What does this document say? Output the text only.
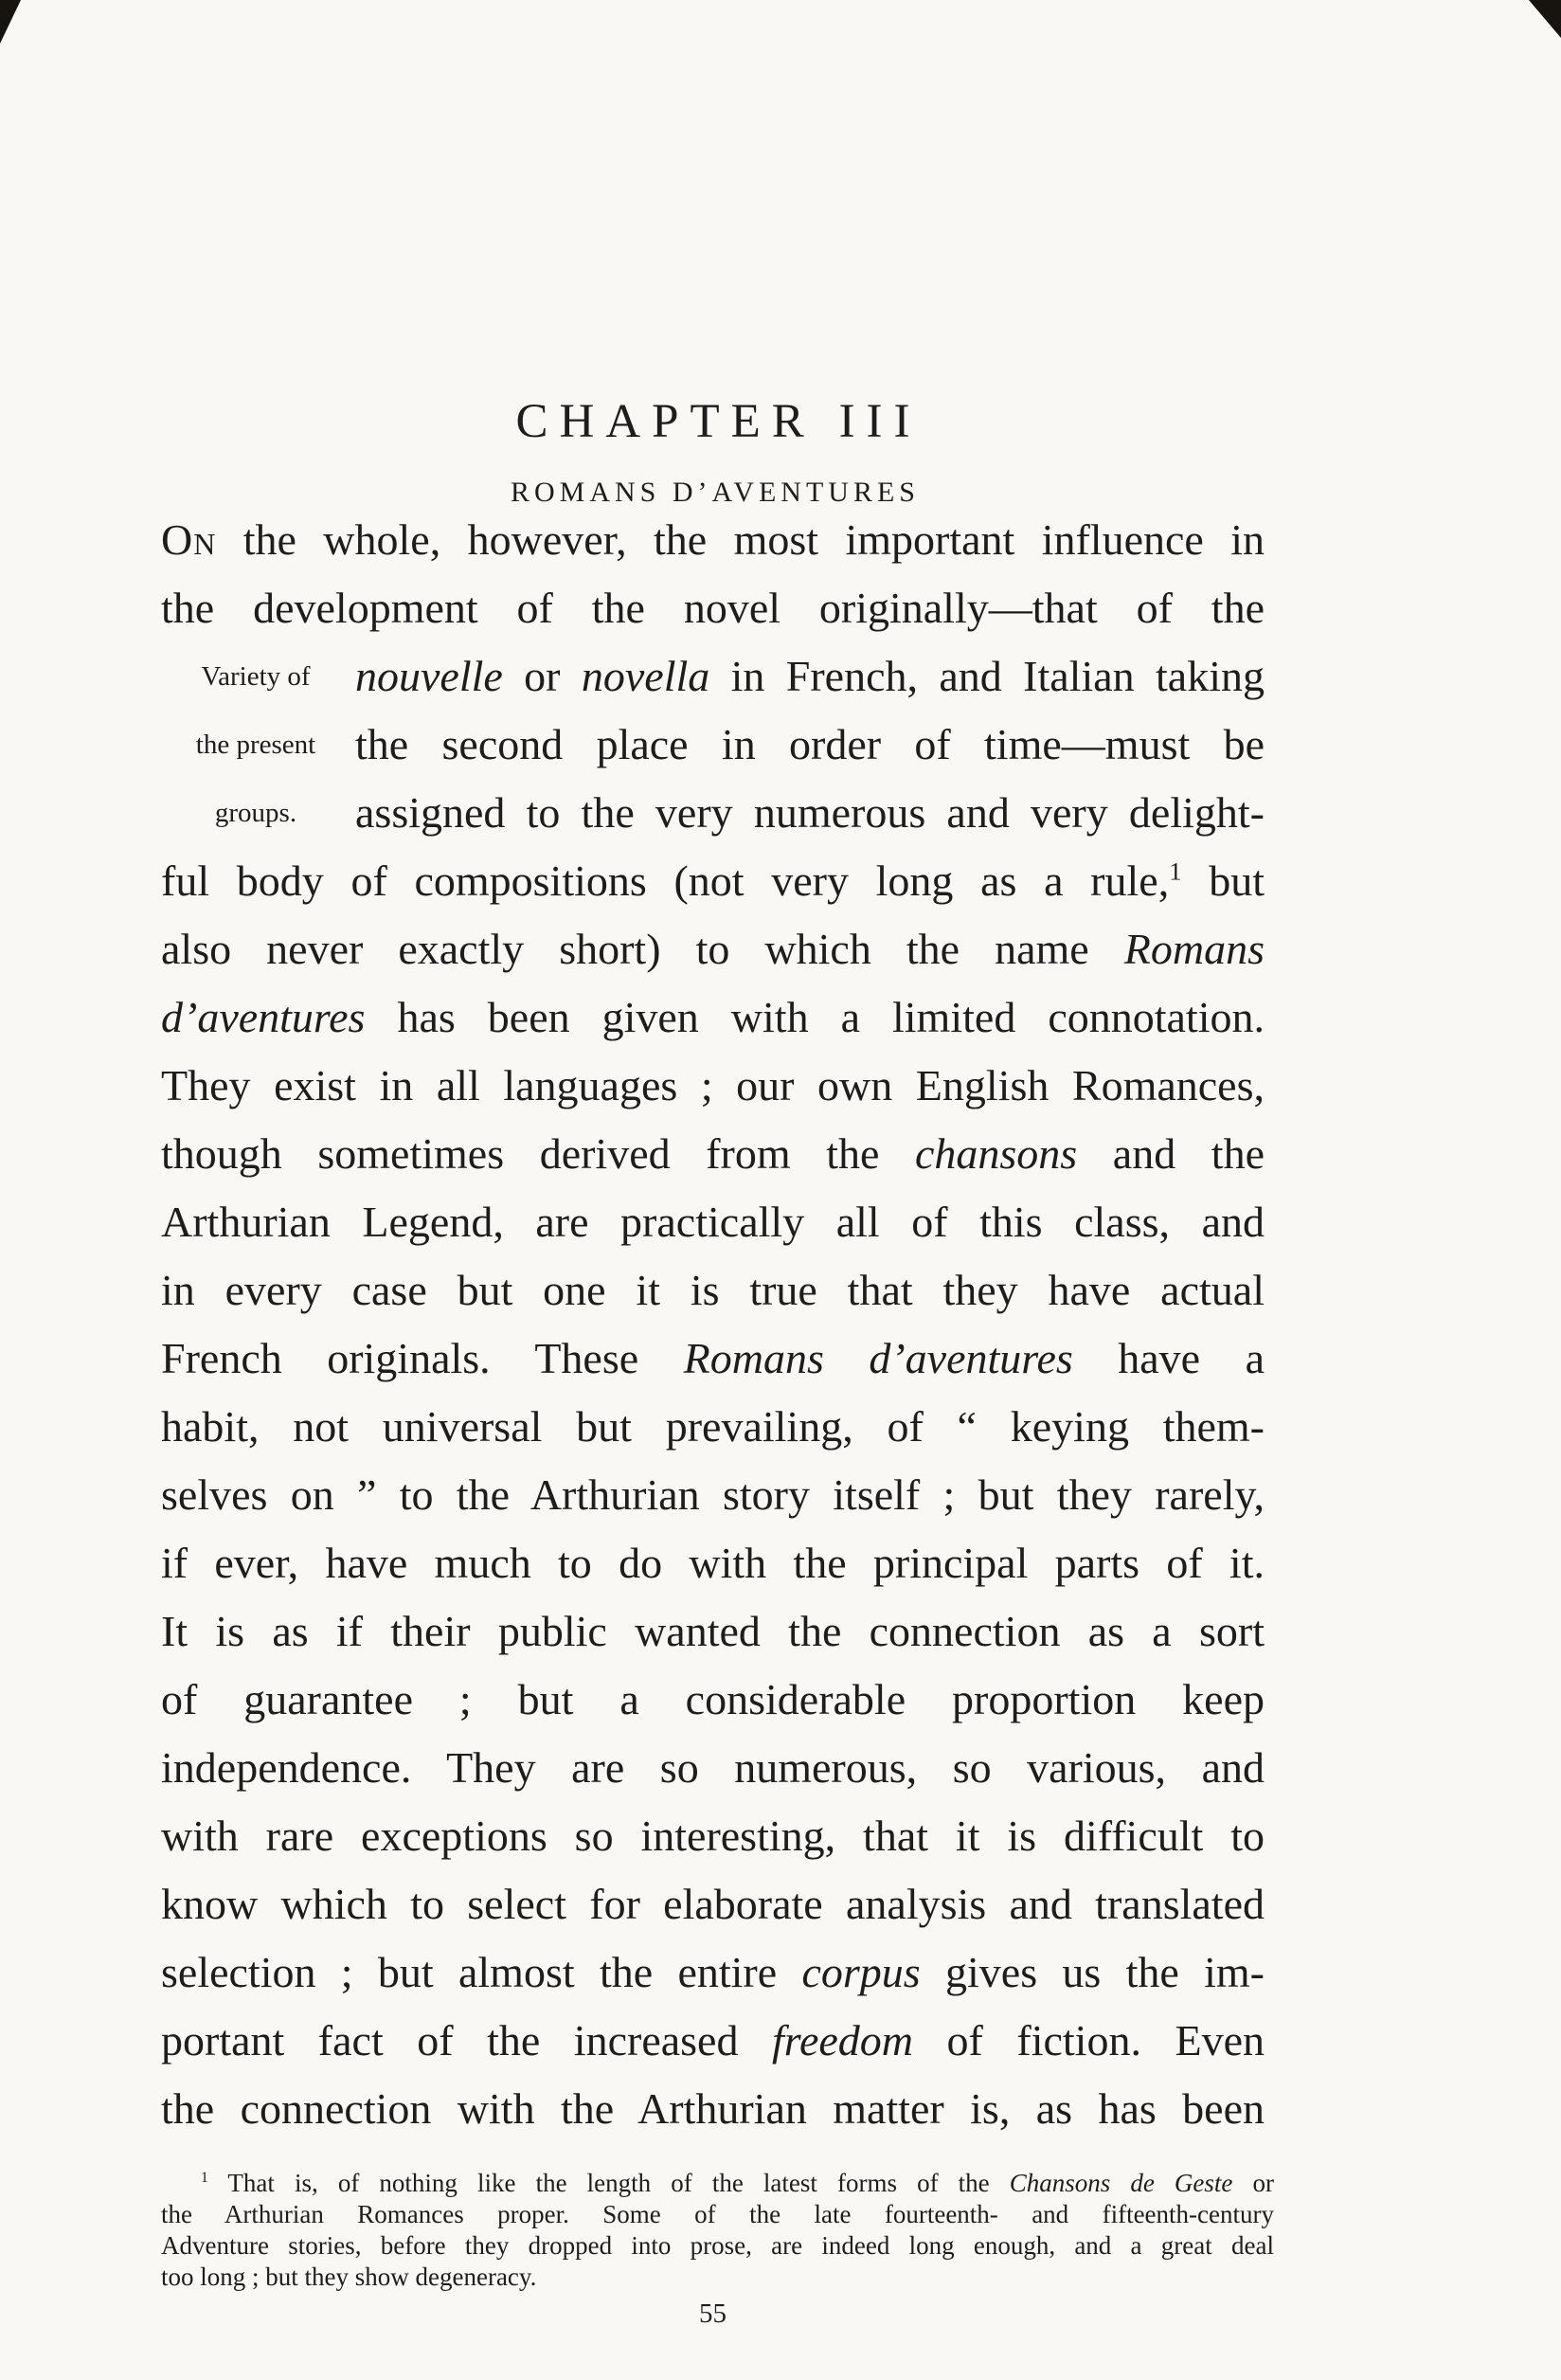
CHAPTER III
ROMANS D’AVENTURES
Variety of
the present
groups.
On the whole, however, the most important influence in
the development of the novel originally—that of the
nouvelle or novella in French, and Italian taking
the second place in order of time—must be
assigned to the very numerous and very delight-
ful body of compositions (not very long as a rule,$^1$ but
also never exactly short) to which the name Romans
d’aventures has been given with a limited connotation.
They exist in all languages ; our own English Romances,
though sometimes derived from the chansons and the
Arthurian Legend, are practically all of this class, and
in every case but one it is true that they have actual
French originals. These Romans d’aventures have a
habit, not universal but prevailing, of “ keying them-
selves on ” to the Arthurian story itself ; but they rarely,
if ever, have much to do with the principal parts of it.
It is as if their public wanted the connection as a sort
of guarantee ; but a considerable proportion keep
independence. They are so numerous, so various, and
with rare exceptions so interesting, that it is difficult to
know which to select for elaborate analysis and translated
selection ; but almost the entire corpus gives us the im-
portant fact of the increased freedom of fiction. Even
the connection with the Arthurian matter is, as has been
$^1$ That is, of nothing like the length of the latest forms of the Chansons de Geste or
the Arthurian Romances proper. Some of the late fourteenth- and fifteenth-century
Adventure stories, before they dropped into prose, are indeed long enough, and a great deal
too long ; but they show degeneracy.
55
